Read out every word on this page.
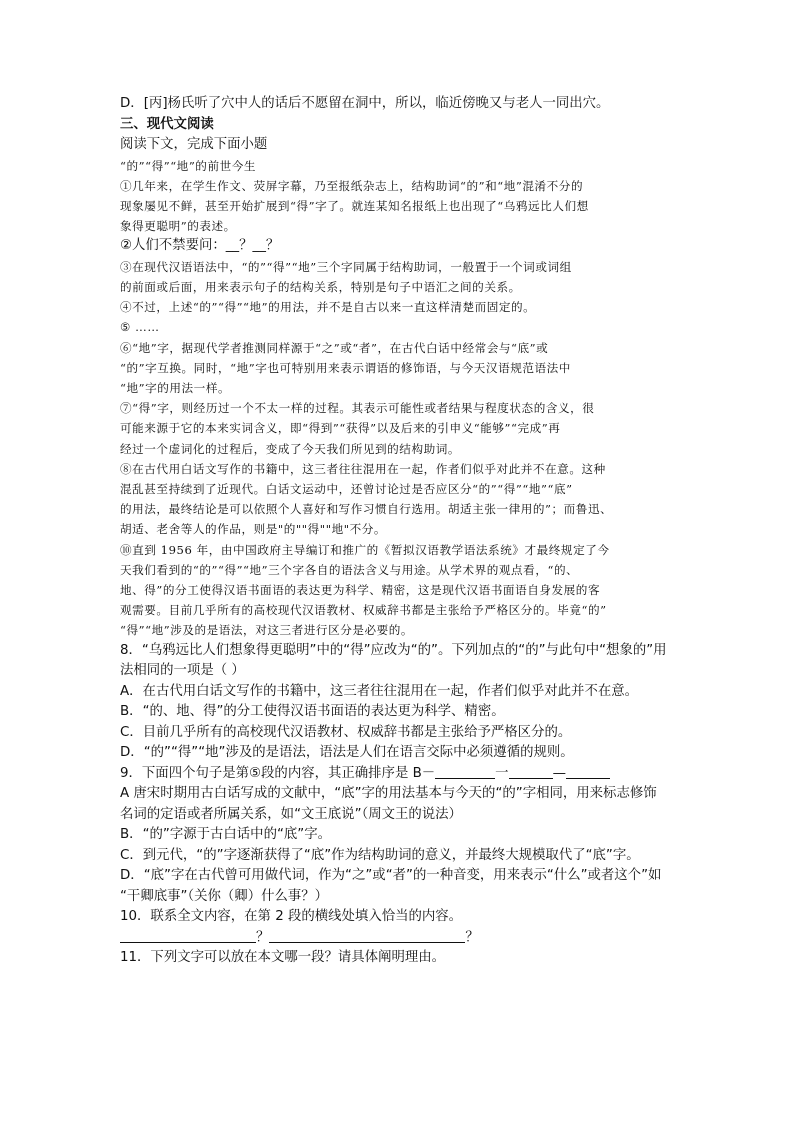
D．[丙]杨氏听了穴中人的话后不愿留在洞中，所以，临近傍晚又与老人一同出穴。
三、现代文阅读
阅读下文，完成下面小题
“的”“得”“地”的前世今生
①几年来，在学生作文、荧屏字幕，乃至报纸杂志上，结构助词“的”和“地”混淆不分的
现象屡见不鲜，甚至开始扩展到“得”字了。就连某知名报纸上也出现了“乌鸦远比人们想
象得更聪明”的表述。
②人们不禁要问：__？__？
③在现代汉语语法中，“的”“得”“地”三个字同属于结构助词，一般置于一个词或词组
的前面或后面，用来表示句子的结构关系，特别是句子中语汇之间的关系。
④不过，上述“的”“得”“地”的用法，并不是自古以来一直这样清楚而固定的。
⑤ ……
⑥“地”字，据现代学者推测同样源于“之”或“者”，在古代白话中经常会与“底”或
“的”字互换。同时，“地”字也可特别用来表示谓语的修饰语，与今天汉语规范语法中
“地”字的用法一样。
⑦“得”字，则经历过一个不太一样的过程。其表示可能性或者结果与程度状态的含义，很
可能来源于它的本来实词含义，即“得到”“获得”以及后来的引申义“能够”“完成”再
经过一个虚词化的过程后，变成了今天我们所见到的结构助词。
⑧在古代用白话文写作的书籍中，这三者往往混用在一起，作者们似乎对此并不在意。这种
混乱甚至持续到了近现代。白话文运动中，还曾讨论过是否应区分“的”“得”“地”“底”
的用法，最终结论是可以依照个人喜好和写作习惯自行选用。胡适主张一律用的”；而鲁迅、
胡适、老舍等人的作品，则是"的""得""地"不分。
⑩直到 1956 年，由中国政府主导编订和推广的《暂拟汉语教学语法系统》才最终规定了今
天我们看到的“的”“得”“地”三个字各自的语法含义与用途。从学术界的观点看，“的、
地、得”的分工使得汉语书面语的表达更为科学、精密，这是现代汉语书面语自身发展的客
观需要。目前几乎所有的高校现代汉语教材、权威辞书都是主张给予严格区分的。毕竟“的”
“得”“地”涉及的是语法，对这三者进行区分是必要的。
8．“乌鸦远比人们想象得更聪明”中的“得”应改为“的”。下列加点的“的”与此句中“想象的”用
法相同的一项是（ ）
A．在古代用白话文写作的书籍中，这三者往往混用在一起，作者们似乎对此并不在意。
B．“的、地、得”的分工使得汉语书面语的表达更为科学、精密。
C．目前几乎所有的高校现代汉语教材、权威辞书都是主张给予严格区分的。
D．“的”“得”“地”涉及的是语法，语法是人们在语言交际中必须遵循的规则。
9．下面四个句子是第⑤段的内容，其正确排序是 B－	一	—
A 唐宋时期用古白话写成的文献中，“底”字的用法基本与今天的“的”字相同，用来标志修饰
名词的定语或者所属关系，如“文王底说”（周文王的说法）
B．“的”字源于古白话中的“底”字。
C．到元代，“的”字逐渐获得了“底”作为结构助词的意义，并最终大规模取代了“底”字。
D．“底”字在古代曾可用做代词，作为“之”或“者”的一种音变，用来表示“什么”或者这个”如
“干卿底事”（关你（卿）什么事？）
10．联系全文内容，在第 2 段的横线处填入恰当的内容。
？	？
11．下列文字可以放在本文哪一段？请具体阐明理由。
